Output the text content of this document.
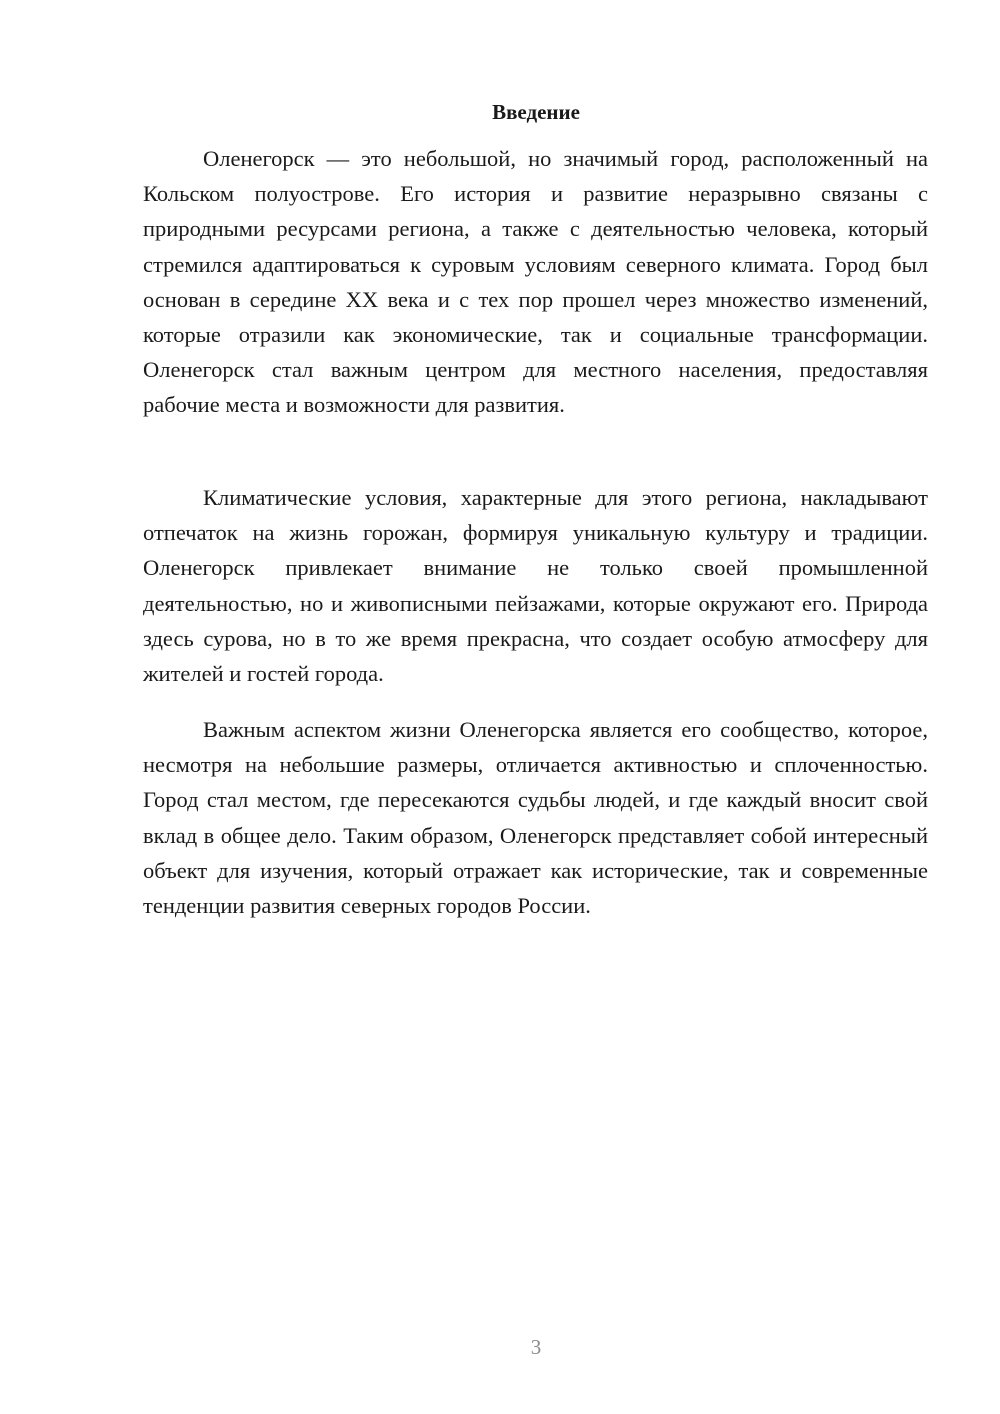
Введение

Оленегорск — это небольшой, но значимый город, расположенный на Кольском полуострове. Его история и развитие неразрывно связаны с природными ресурсами региона, а также с деятельностью человека, который стремился адаптироваться к суровым условиям северного климата. Город был основан в середине XX века и с тех пор прошел через множество изменений, которые отразили как экономические, так и социальные трансформации. Оленегорск стал важным центром для местного населения, предоставляя рабочие места и возможности для развития.

Климатические условия, характерные для этого региона, накладывают отпечаток на жизнь горожан, формируя уникальную культуру и традиции. Оленегорск привлекает внимание не только своей промышленной деятельностью, но и живописными пейзажами, которые окружают его. Природа здесь сурова, но в то же время прекрасна, что создает особую атмосферу для жителей и гостей города.

Важным аспектом жизни Оленегорска является его сообщество, которое, несмотря на небольшие размеры, отличается активностью и сплоченностью. Город стал местом, где пересекаются судьбы людей, и где каждый вносит свой вклад в общее дело. Таким образом, Оленегорск представляет собой интересный объект для изучения, который отражает как исторические, так и современные тенденции развития северных городов России.

3
